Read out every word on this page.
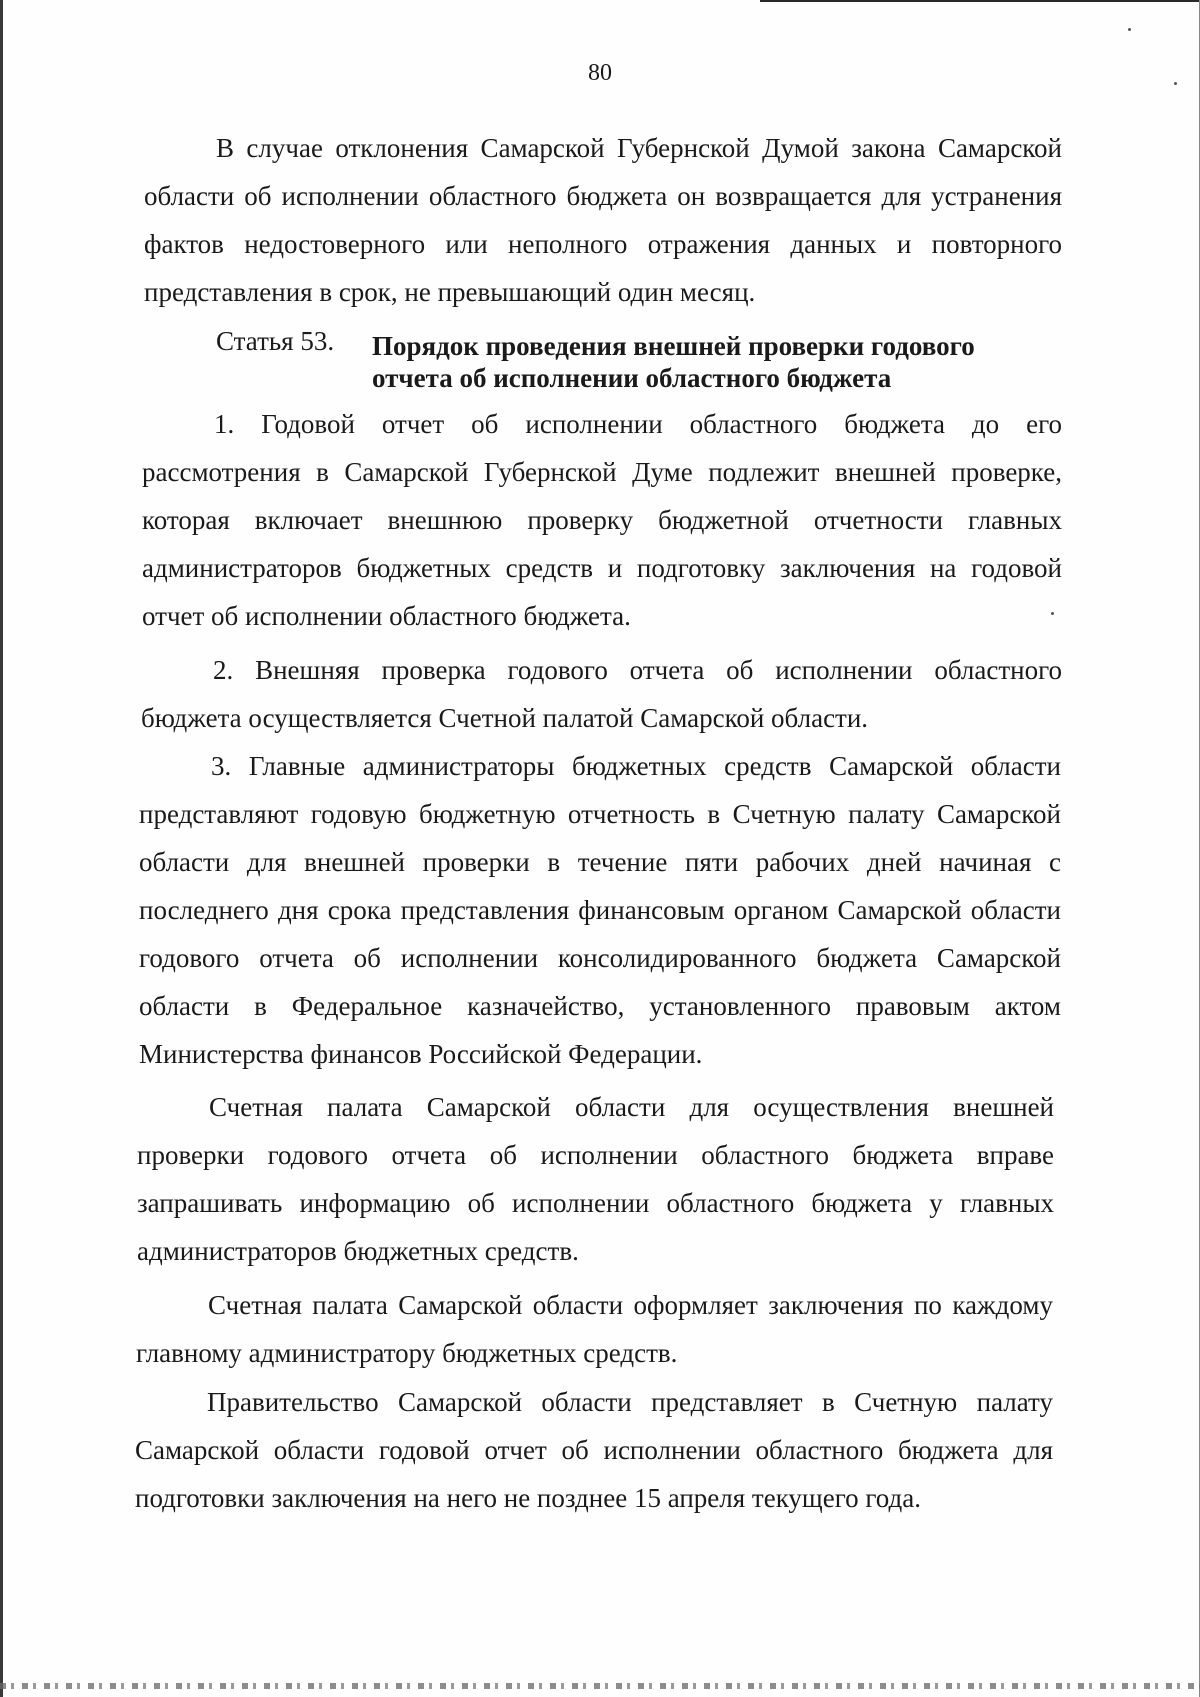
80

В случае отклонения Самарской Губернской Думой закона Самарской области об исполнении областного бюджета он возвращается для устранения фактов недостоверного или неполного отражения данных и повторного представления в срок, не превышающий один месяц.

Статья 53. Порядок проведения внешней проверки годового отчета об исполнении областного бюджета

1. Годовой отчет об исполнении областного бюджета до его рассмотрения в Самарской Губернской Думе подлежит внешней проверке, которая включает внешнюю проверку бюджетной отчетности главных администраторов бюджетных средств и подготовку заключения на годовой отчет об исполнении областного бюджета.

2. Внешняя проверка годового отчета об исполнении областного бюджета осуществляется Счетной палатой Самарской области.

3. Главные администраторы бюджетных средств Самарской области представляют годовую бюджетную отчетность в Счетную палату Самарской области для внешней проверки в течение пяти рабочих дней начиная с последнего дня срока представления финансовым органом Самарской области годового отчета об исполнении консолидированного бюджета Самарской области в Федеральное казначейство, установленного правовым актом Министерства финансов Российской Федерации.

Счетная палата Самарской области для осуществления внешней проверки годового отчета об исполнении областного бюджета вправе запрашивать информацию об исполнении областного бюджета у главных администраторов бюджетных средств.

Счетная палата Самарской области оформляет заключения по каждому главному администратору бюджетных средств.

Правительство Самарской области представляет в Счетную палату Самарской области годовой отчет об исполнении областного бюджета для подготовки заключения на него не позднее 15 апреля текущего года.
